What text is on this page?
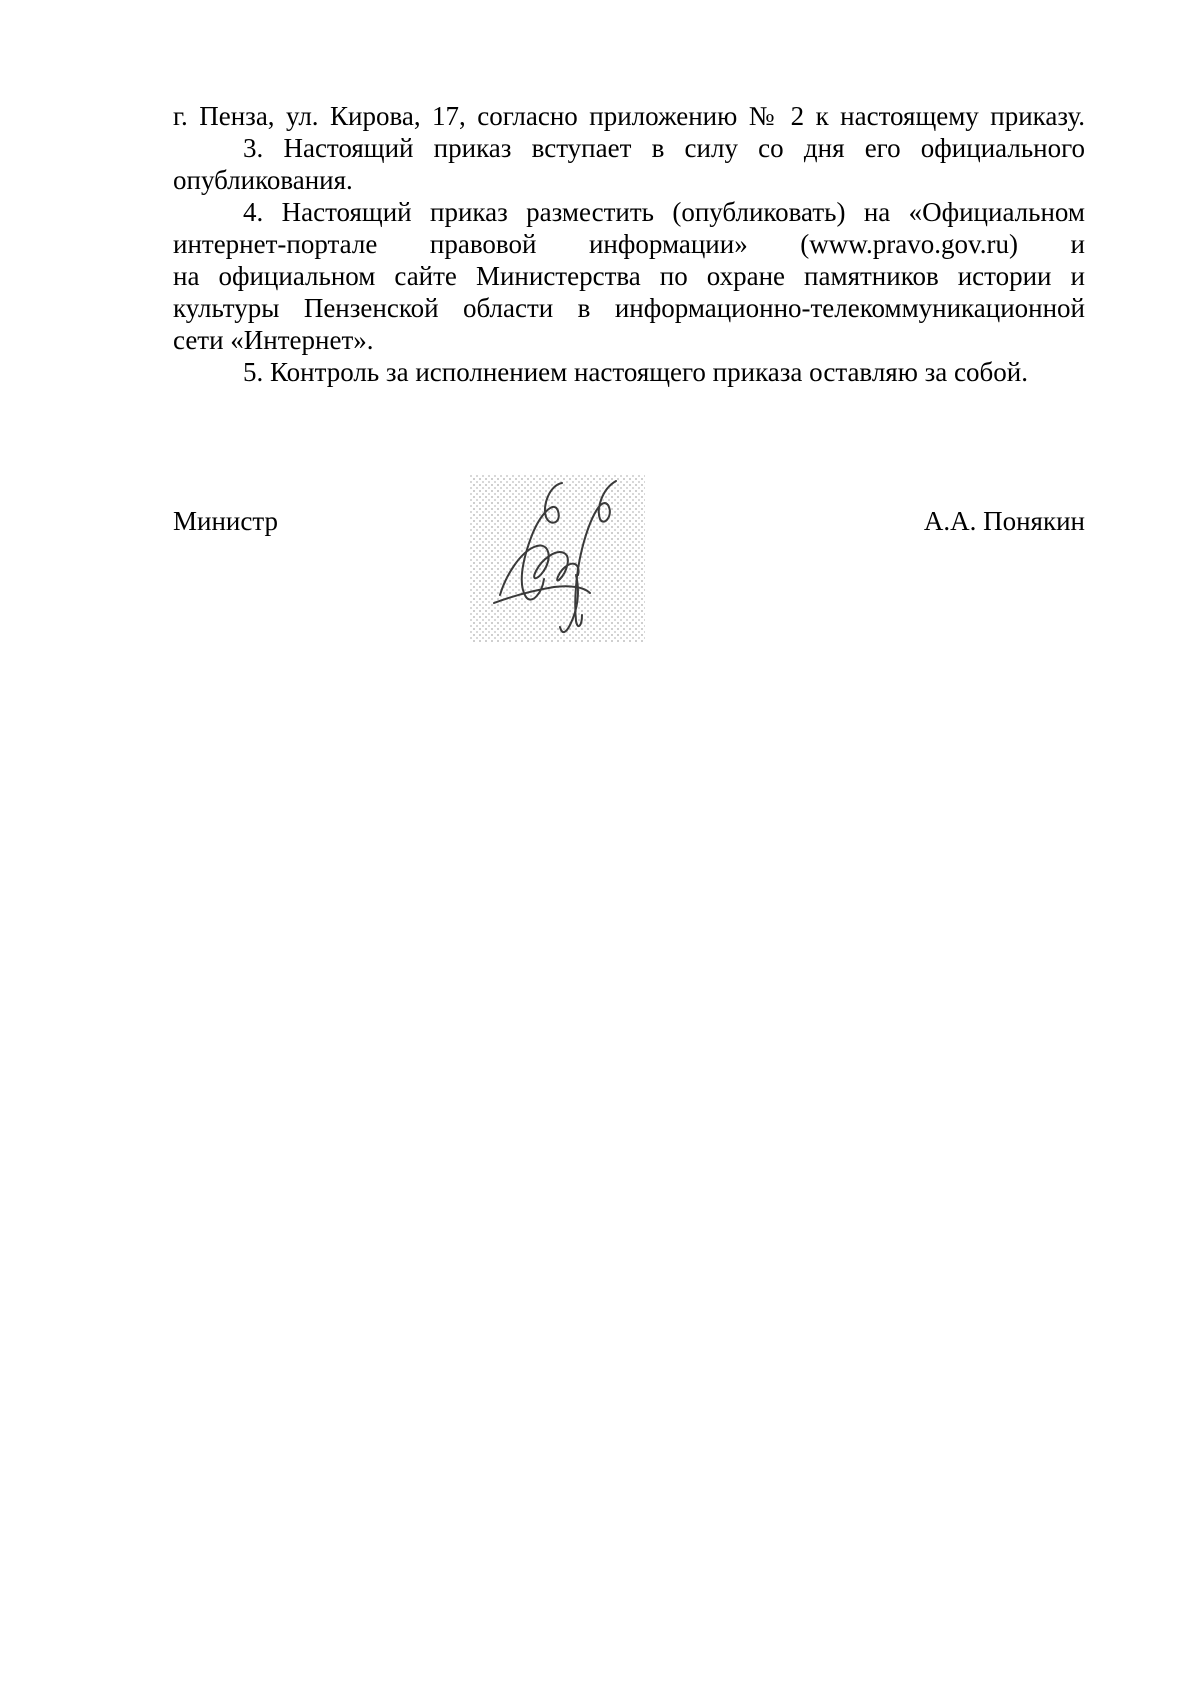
г. Пенза, ул. Кирова, 17, согласно приложению № 2 к настоящему приказу.

3. Настоящий приказ вступает в силу со дня его официального
опубликования.

4. Настоящий приказ разместить (опубликовать) на «Официальном
интернет-портале правовой информации» (www.pravo.gov.ru) и
на официальном сайте Министерства по охране памятников истории и
культуры Пензенской области в информационно-телекоммуникационной
сети «Интернет».

5. Контроль за исполнением настоящего приказа оставляю за собой.

Министр	А.А. Понякин
